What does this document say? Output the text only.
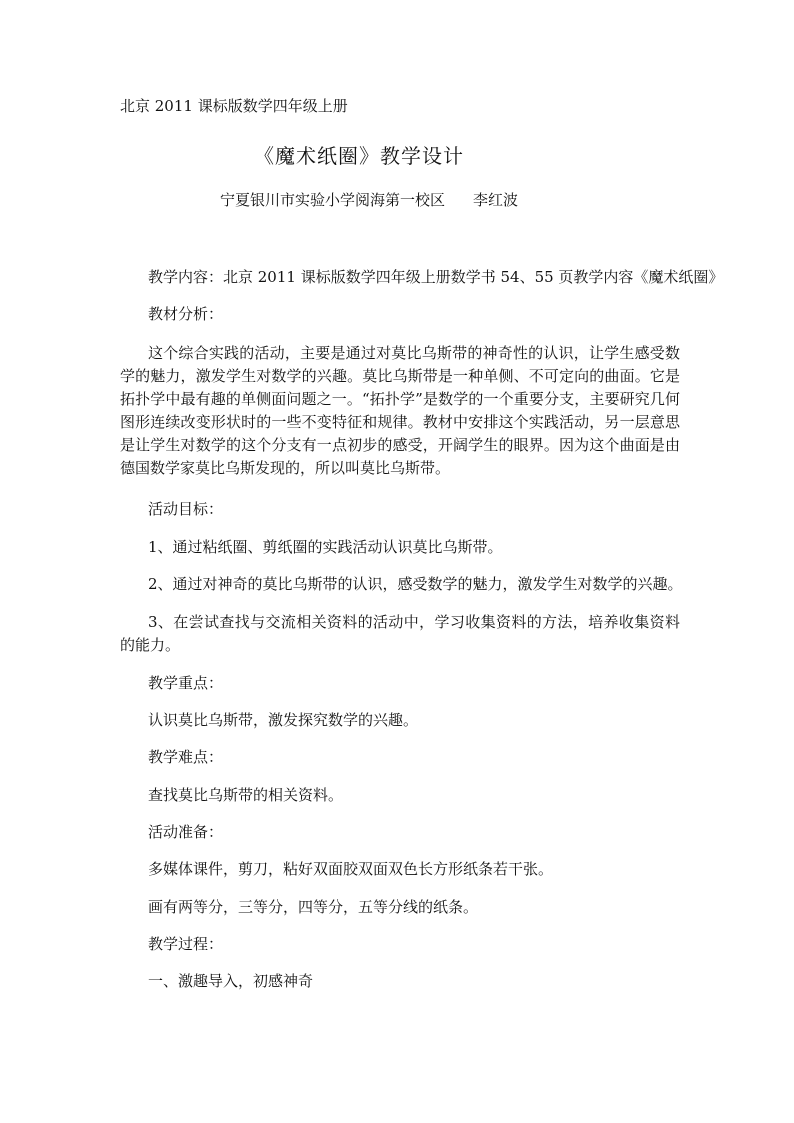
北京 2011 课标版数学四年级上册
《魔术纸圈》教学设计
宁夏银川市实验小学阅海第一校区 李红波
教学内容：北京 2011 课标版数学四年级上册数学书 54、55 页教学内容《魔术纸圈》
教材分析：
这个综合实践的活动，主要是通过对莫比乌斯带的神奇性的认识，让学生感受数学的魅力，激发学生对数学的兴趣。莫比乌斯带是一种单侧、不可定向的曲面。它是拓扑学中最有趣的单侧面问题之一。“拓扑学”是数学的一个重要分支，主要研究几何图形连续改变形状时的一些不变特征和规律。教材中安排这个实践活动，另一层意思是让学生对数学的这个分支有一点初步的感受，开阔学生的眼界。因为这个曲面是由德国数学家莫比乌斯发现的，所以叫莫比乌斯带。
活动目标：
1、通过粘纸圈、剪纸圈的实践活动认识莫比乌斯带。
2、通过对神奇的莫比乌斯带的认识，感受数学的魅力，激发学生对数学的兴趣。
3、在尝试查找与交流相关资料的活动中，学习收集资料的方法，培养收集资料的能力。
教学重点：
认识莫比乌斯带，激发探究数学的兴趣。
教学难点：
查找莫比乌斯带的相关资料。
活动准备：
多媒体课件，剪刀，粘好双面胶双面双色长方形纸条若干张。
画有两等分，三等分，四等分，五等分线的纸条。
教学过程：
一、激趣导入，初感神奇
